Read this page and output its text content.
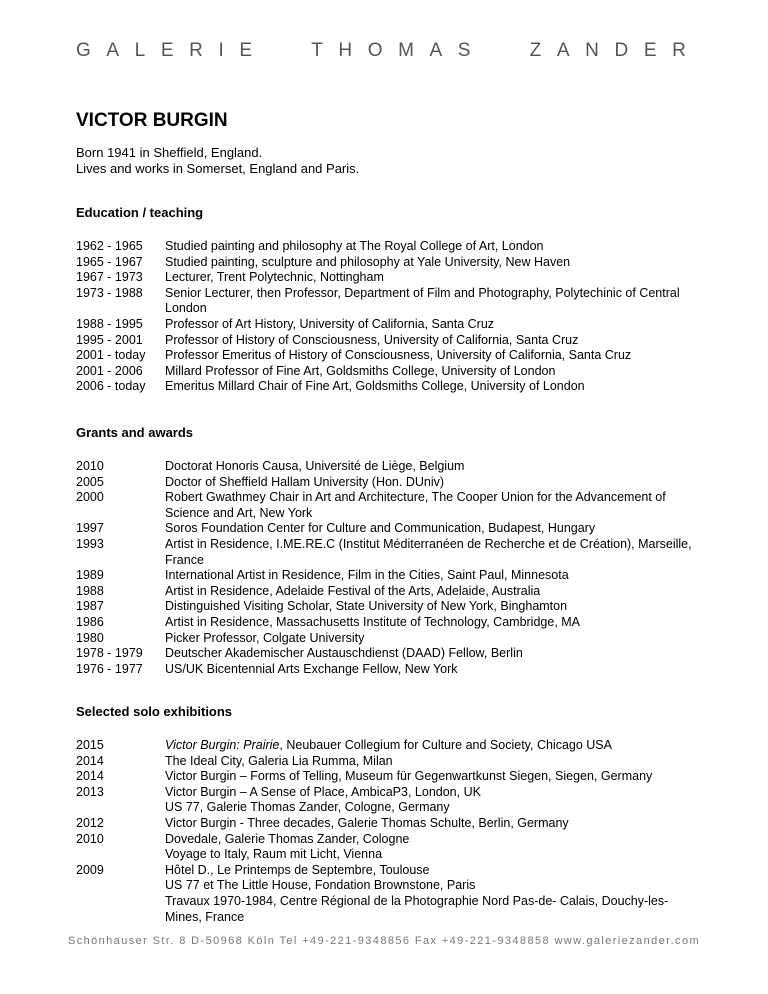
G A L E R I E	T H O M A S	Z A N D E R
VICTOR BURGIN
Born 1941 in Sheffield, England.
Lives and works in Somerset, England and Paris.
Education / teaching
1962 - 1965	Studied painting and philosophy at The Royal College of Art, London
1965 - 1967	Studied painting, sculpture and philosophy at Yale University, New Haven
1967 - 1973	Lecturer, Trent Polytechnic, Nottingham
1973 - 1988	Senior Lecturer, then Professor, Department of Film and Photography, Polytechinic of Central London
1988 - 1995	Professor of Art History, University of California, Santa Cruz
1995 - 2001	Professor of History of Consciousness, University of California, Santa Cruz
2001 - today	Professor Emeritus of History of Consciousness, University of California, Santa Cruz
2001 - 2006	Millard Professor of Fine Art, Goldsmiths College, University of London
2006 - today	Emeritus Millard Chair of Fine Art, Goldsmiths College, University of London
Grants and awards
2010	Doctorat Honoris Causa, Université de Liège, Belgium
2005	Doctor of Sheffield Hallam University (Hon. DUniv)
2000	Robert Gwathmey Chair in Art and Architecture, The Cooper Union for the Advancement of Science and Art, New York
1997	Soros Foundation Center for Culture and Communication, Budapest, Hungary
1993	Artist in Residence, I.ME.RE.C (Institut Méditerranéen de Recherche et de Création), Marseille, France
1989	International Artist in Residence, Film in the Cities, Saint Paul, Minnesota
1988	Artist in Residence, Adelaide Festival of the Arts, Adelaide, Australia
1987	Distinguished Visiting Scholar, State University of New York, Binghamton
1986	Artist in Residence, Massachusetts Institute of Technology, Cambridge, MA
1980	Picker Professor, Colgate University
1978 - 1979	Deutscher Akademischer Austauschdienst (DAAD) Fellow, Berlin
1976 - 1977	US/UK Bicentennial Arts Exchange Fellow, New York
Selected solo exhibitions
2015	Victor Burgin: Prairie, Neubauer Collegium for Culture and Society, Chicago USA
2014	The Ideal City, Galeria Lia Rumma, Milan
2014	Victor Burgin – Forms of Telling, Museum für Gegenwartkunst Siegen, Siegen, Germany
2013	Victor Burgin – A Sense of Place, AmbicaP3, London, UK
US 77, Galerie Thomas Zander, Cologne, Germany
2012	Victor Burgin - Three decades, Galerie Thomas Schulte, Berlin, Germany
2010	Dovedale, Galerie Thomas Zander, Cologne
Voyage to Italy, Raum mit Licht, Vienna
2009	Hôtel D., Le Printemps de Septembre, Toulouse
US 77 et The Little House, Fondation Brownstone, Paris
Travaux 1970-1984, Centre Régional de la Photographie Nord Pas-de- Calais, Douchy-les-Mines, France
Schönhauser Str. 8 D-50968 Köln Tel +49-221-9348856 Fax +49-221-9348858 www.galeriezander.com
